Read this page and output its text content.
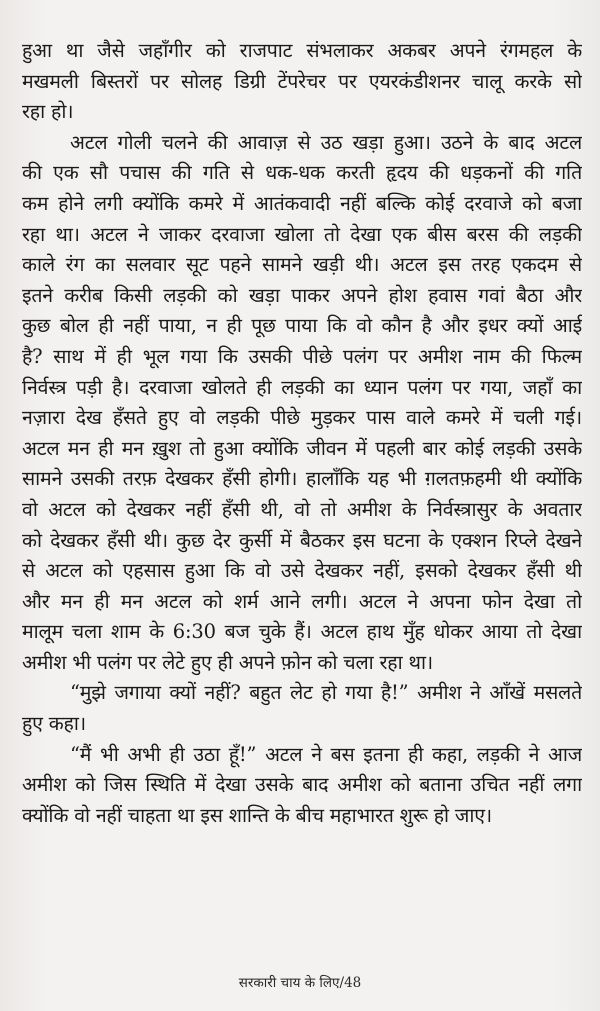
हुआ था जैसे जहाँगीर को राजपाट संभलाकर अकबर अपने रंगमहल के
मखमली बिस्तरों पर सोलह डिग्री टेंपरेचर पर एयरकंडीशनर चालू करके सो
रहा हो।
अटल गोली चलने की आवाज़ से उठ खड़ा हुआ। उठने के बाद अटल
की एक सौ पचास की गति से धक-धक करती हृदय की धड़कनों की गति
कम होने लगी क्योंकि कमरे में आतंकवादी नहीं बल्कि कोई दरवाजे को बजा
रहा था। अटल ने जाकर दरवाजा खोला तो देखा एक बीस बरस की लड़की
काले रंग का सलवार सूट पहने सामने खड़ी थी। अटल इस तरह एकदम से
इतने करीब किसी लड़की को खड़ा पाकर अपने होश हवास गवां बैठा और
कुछ बोल ही नहीं पाया, न ही पूछ पाया कि वो कौन है और इधर क्यों आई
है? साथ में ही भूल गया कि उसकी पीछे पलंग पर अमीश नाम की फिल्म
निर्वस्त्र पड़ी है। दरवाजा खोलते ही लड़की का ध्यान पलंग पर गया, जहाँ का
नज़ारा देख हँसते हुए वो लड़की पीछे मुड़कर पास वाले कमरे में चली गई।
अटल मन ही मन ख़ुश तो हुआ क्योंकि जीवन में पहली बार कोई लड़की उसके
सामने उसकी तरफ़ देखकर हँसी होगी। हालाँकि यह भी ग़लतफ़हमी थी क्योंकि
वो अटल को देखकर नहीं हँसी थी, वो तो अमीश के निर्वस्त्रासुर के अवतार
को देखकर हँसी थी। कुछ देर कुर्सी में बैठकर इस घटना के एक्शन रिप्ले देखने
से अटल को एहसास हुआ कि वो उसे देखकर नहीं, इसको देखकर हँसी थी
और मन ही मन अटल को शर्म आने लगी। अटल ने अपना फोन देखा तो
मालूम चला शाम के 6:30 बज चुके हैं। अटल हाथ मुँह धोकर आया तो देखा
अमीश भी पलंग पर लेटे हुए ही अपने फ़ोन को चला रहा था।
“मुझे जगाया क्यों नहीं? बहुत लेट हो गया है!” अमीश ने आँखें मसलते
हुए कहा।
“मैं भी अभी ही उठा हूँ!” अटल ने बस इतना ही कहा, लड़की ने आज
अमीश को जिस स्थिति में देखा उसके बाद अमीश को बताना उचित नहीं लगा
क्योंकि वो नहीं चाहता था इस शान्ति के बीच महाभारत शुरू हो जाए।
सरकारी चाय के लिए/48
